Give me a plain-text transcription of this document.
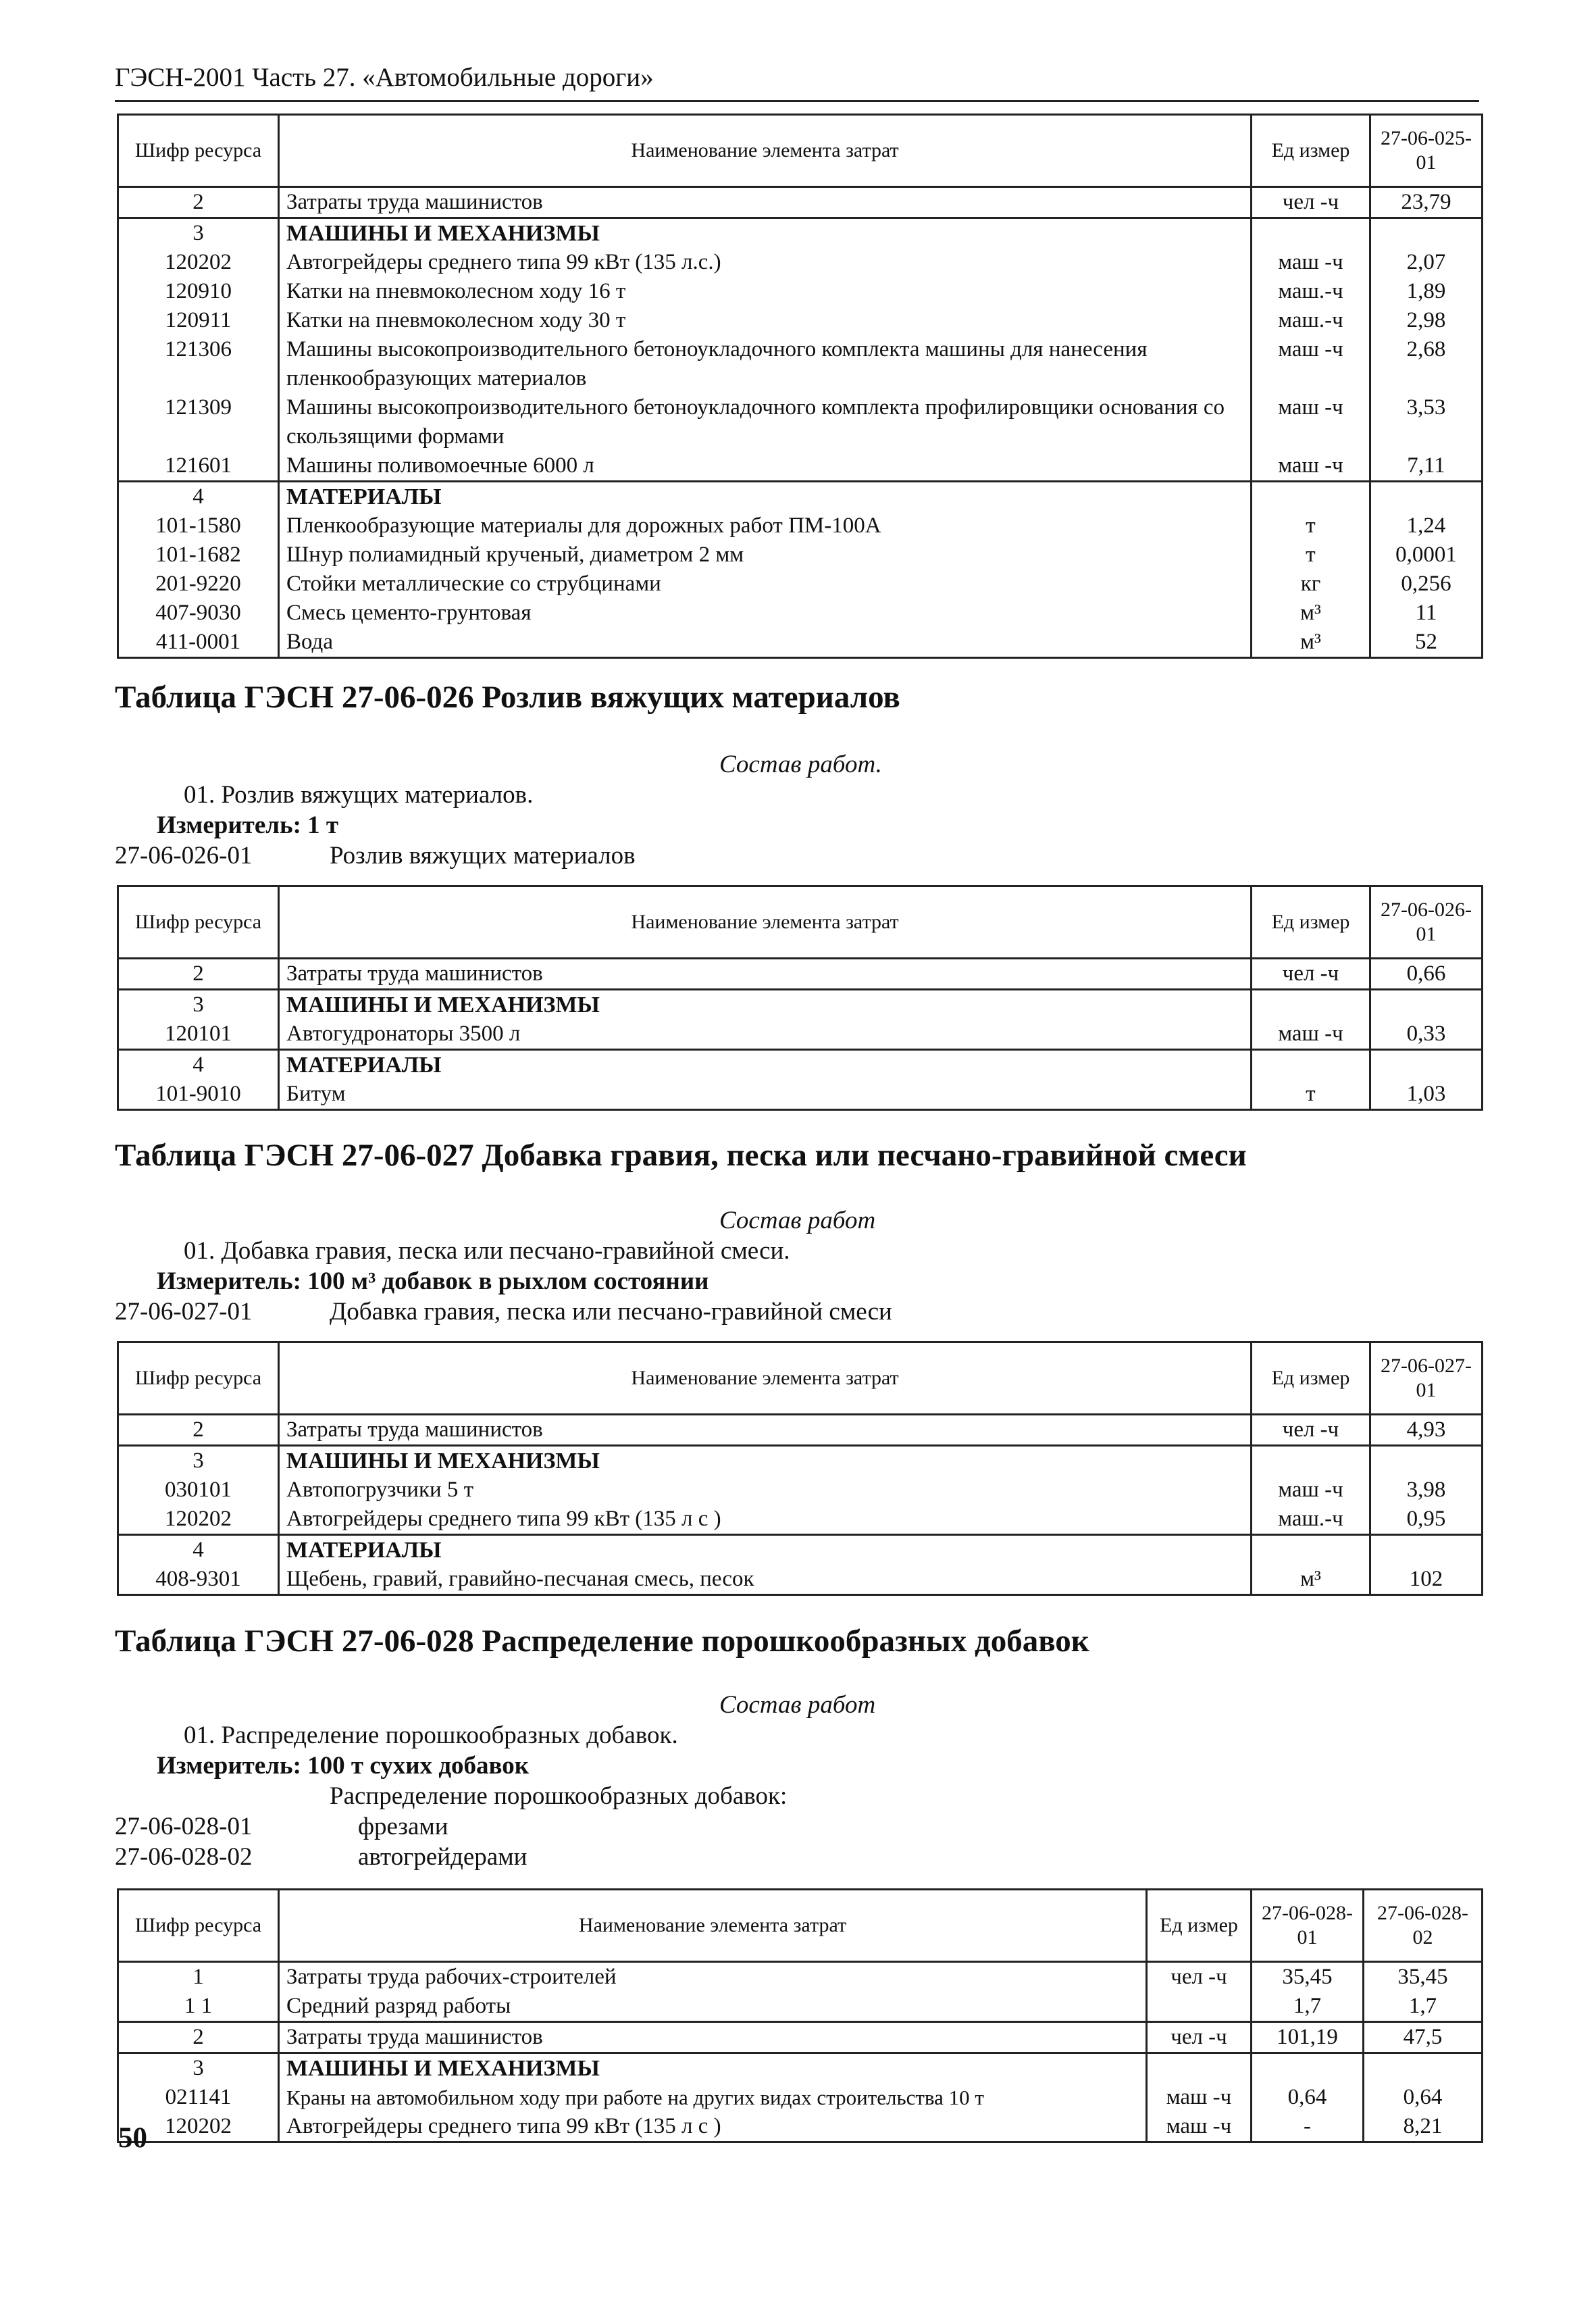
ГЭСН-2001 Часть 27. «Автомобильные дороги»
Шифр ресурса	Наименование элемента затрат	Ед измер	27-06-025-01
2	Затраты труда машинистов	чел -ч	23,79
3	МАШИНЫ И МЕХАНИЗМЫ		
120202	Автогрейдеры среднего типа 99 кВт (135 л.с.)	маш -ч	2,07
120910	Катки на пневмоколесном ходу 16 т	маш.-ч	1,89
120911	Катки на пневмоколесном ходу 30 т	маш.-ч	2,98
121306	Машины высокопроизводительного бетоноукладочного комплекта машины для нанесения пленкообразующих материалов	маш -ч	2,68
121309	Машины высокопроизводительного бетоноукладочного комплекта профилировщики основания со скользящими формами	маш -ч	3,53
121601	Машины поливомоечные 6000 л	маш -ч	7,11
4	МАТЕРИАЛЫ		
101-1580	Пленкообразующие материалы для дорожных работ ПМ-100А	т	1,24
101-1682	Шнур полиамидный крученый, диаметром 2 мм	т	0,0001
201-9220	Стойки металлические со струбцинами	кг	0,256
407-9030	Смесь цементо-грунтовая	м³	11
411-0001	Вода	м³	52
Таблица ГЭСН 27-06-026 Розлив вяжущих материалов
Состав работ.
01. Розлив вяжущих материалов.
Измеритель: 1 т
27-06-026-01	Розлив вяжущих материалов
Шифр ресурса	Наименование элемента затрат	Ед измер	27-06-026-01
2	Затраты труда машинистов	чел -ч	0,66
3	МАШИНЫ И МЕХАНИЗМЫ		
120101	Автогудронаторы 3500 л	маш -ч	0,33
4	МАТЕРИАЛЫ		
101-9010	Битум	т	1,03
Таблица ГЭСН 27-06-027 Добавка гравия, песка или песчано-гравийной смеси
Состав работ
01. Добавка гравия, песка или песчано-гравийной смеси.
Измеритель: 100 м³ добавок в рыхлом состоянии
27-06-027-01	Добавка гравия, песка или песчано-гравийной смеси
Шифр ресурса	Наименование элемента затрат	Ед измер	27-06-027-01
2	Затраты труда машинистов	чел -ч	4,93
3	МАШИНЫ И МЕХАНИЗМЫ		
030101	Автопогрузчики 5 т	маш -ч	3,98
120202	Автогрейдеры среднего типа 99 кВт (135 л с )	маш.-ч	0,95
4	МАТЕРИАЛЫ		
408-9301	Щебень, гравий, гравийно-песчаная смесь, песок	м³	102
Таблица ГЭСН 27-06-028 Распределение порошкообразных добавок
Состав работ
01. Распределение порошкообразных добавок.
Измеритель: 100 т сухих добавок
Распределение порошкообразных добавок:
27-06-028-01	фрезами
27-06-028-02	автогрейдерами
Шифр ресурса	Наименование элемента затрат	Ед измер	27-06-028-01	27-06-028-02
1	Затраты труда рабочих-строителей	чел -ч	35,45	35,45
1 1	Средний разряд работы		1,7	1,7
2	Затраты труда машинистов	чел -ч	101,19	47,5
3	МАШИНЫ И МЕХАНИЗМЫ			
021141	Краны на автомобильном ходу при работе на других видах строительства 10 т	маш -ч	0,64	0,64
120202	Автогрейдеры среднего типа 99 кВт (135 л с )	маш -ч	-	8,21
50
